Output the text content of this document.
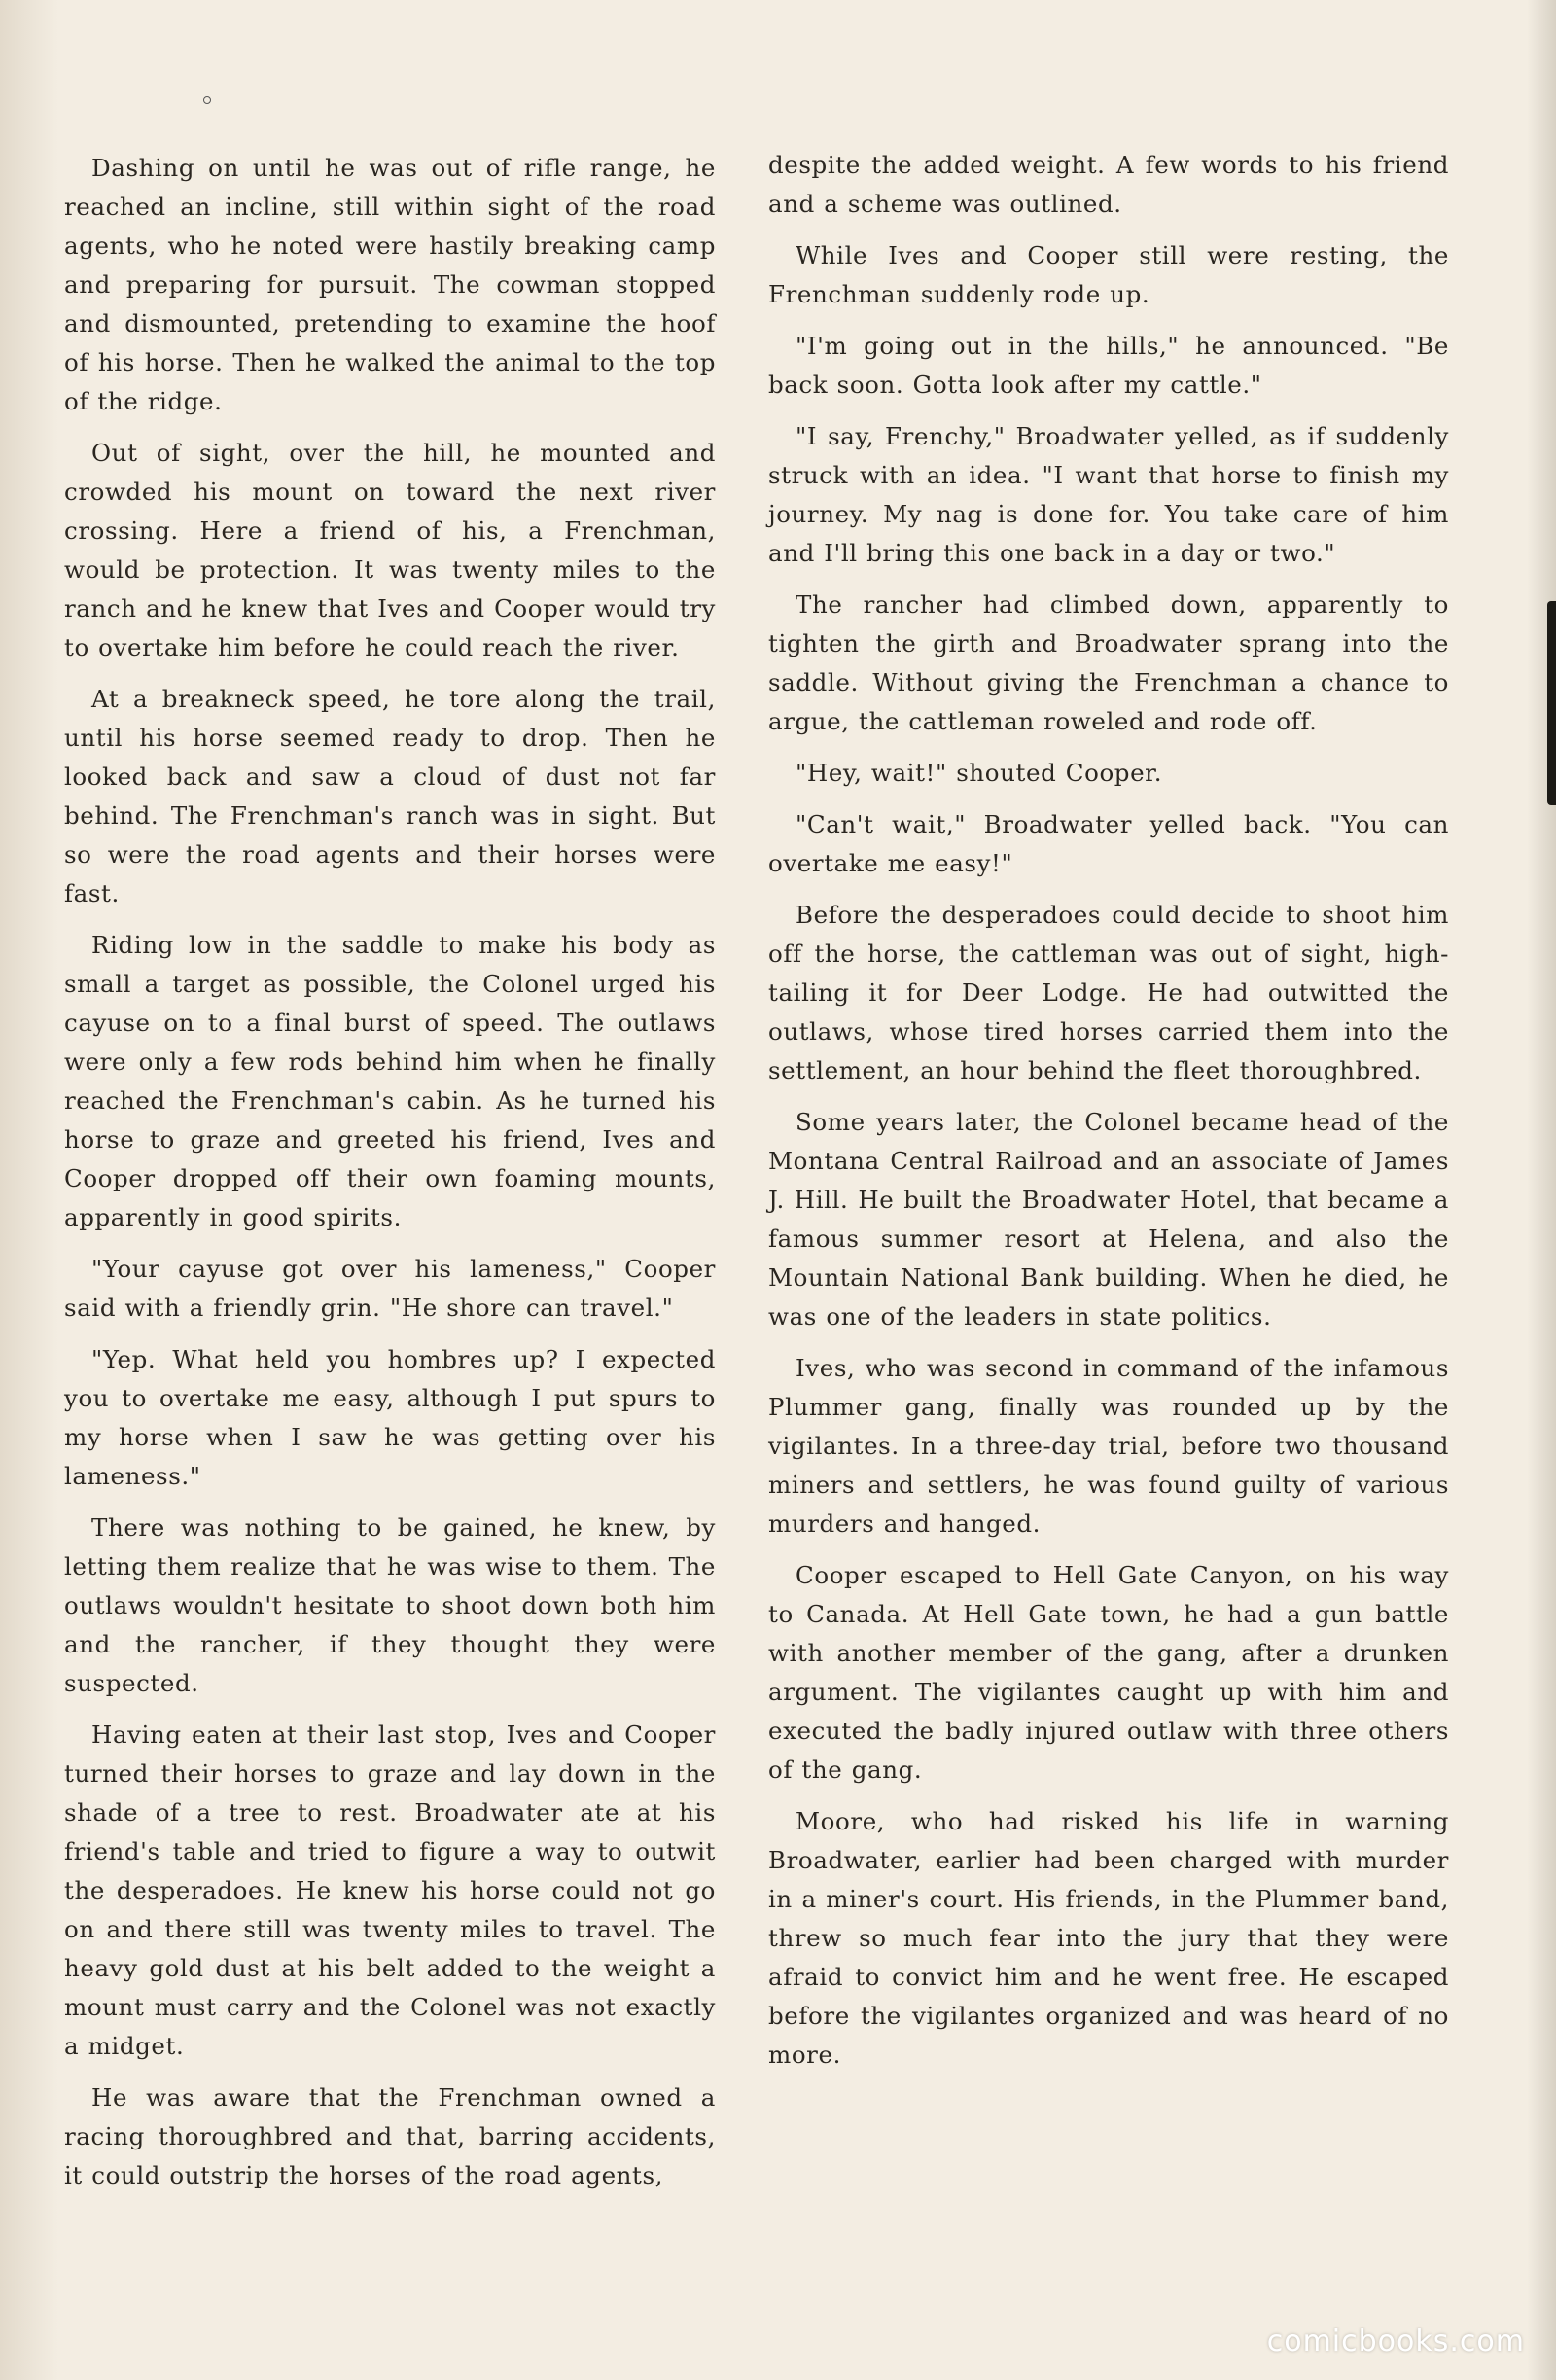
Dashing on until he was out of rifle range, he reached an incline, still within sight of the road agents, who he noted were hastily breaking camp and preparing for pursuit. The cowman stopped and dismounted, pretending to examine the hoof of his horse. Then he walked the animal to the top of the ridge.

Out of sight, over the hill, he mounted and crowded his mount on toward the next river crossing. Here a friend of his, a Frenchman, would be protection. It was twenty miles to the ranch and he knew that Ives and Cooper would try to overtake him before he could reach the river.

At a breakneck speed, he tore along the trail, until his horse seemed ready to drop. Then he looked back and saw a cloud of dust not far behind. The Frenchman's ranch was in sight. But so were the road agents and their horses were fast.

Riding low in the saddle to make his body as small a target as possible, the Colonel urged his cayuse on to a final burst of speed. The outlaws were only a few rods behind him when he finally reached the Frenchman's cabin. As he turned his horse to graze and greeted his friend, Ives and Cooper dropped off their own foaming mounts, apparently in good spirits.

"Your cayuse got over his lameness," Cooper said with a friendly grin. "He shore can travel."

"Yep. What held you hombres up? I expected you to overtake me easy, although I put spurs to my horse when I saw he was getting over his lameness."

There was nothing to be gained, he knew, by letting them realize that he was wise to them. The outlaws wouldn't hesitate to shoot down both him and the rancher, if they thought they were suspected.

Having eaten at their last stop, Ives and Cooper turned their horses to graze and lay down in the shade of a tree to rest. Broadwater ate at his friend's table and tried to figure a way to outwit the desperadoes. He knew his horse could not go on and there still was twenty miles to travel. The heavy gold dust at his belt added to the weight a mount must carry and the Colonel was not exactly a midget.

He was aware that the Frenchman owned a racing thoroughbred and that, barring accidents, it could outstrip the horses of the road agents,

despite the added weight. A few words to his friend and a scheme was outlined.

While Ives and Cooper still were resting, the Frenchman suddenly rode up.

"I'm going out in the hills," he announced. "Be back soon. Gotta look after my cattle."

"I say, Frenchy," Broadwater yelled, as if suddenly struck with an idea. "I want that horse to finish my journey. My nag is done for. You take care of him and I'll bring this one back in a day or two."

The rancher had climbed down, apparently to tighten the girth and Broadwater sprang into the saddle. Without giving the Frenchman a chance to argue, the cattleman roweled and rode off.

"Hey, wait!" shouted Cooper.

"Can't wait," Broadwater yelled back. "You can overtake me easy!"

Before the desperadoes could decide to shoot him off the horse, the cattleman was out of sight, high-tailing it for Deer Lodge. He had outwitted the outlaws, whose tired horses carried them into the settlement, an hour behind the fleet thoroughbred.

Some years later, the Colonel became head of the Montana Central Railroad and an associate of James J. Hill. He built the Broadwater Hotel, that became a famous summer resort at Helena, and also the Mountain National Bank building. When he died, he was one of the leaders in state politics.

Ives, who was second in command of the infamous Plummer gang, finally was rounded up by the vigilantes. In a three-day trial, before two thousand miners and settlers, he was found guilty of various murders and hanged.

Cooper escaped to Hell Gate Canyon, on his way to Canada. At Hell Gate town, he had a gun battle with another member of the gang, after a drunken argument. The vigilantes caught up with him and executed the badly injured outlaw with three others of the gang.

Moore, who had risked his life in warning Broadwater, earlier had been charged with murder in a miner's court. His friends, in the Plummer band, threw so much fear into the jury that they were afraid to convict him and he went free. He escaped before the vigilantes organized and was heard of no more.

comicbooks.com
